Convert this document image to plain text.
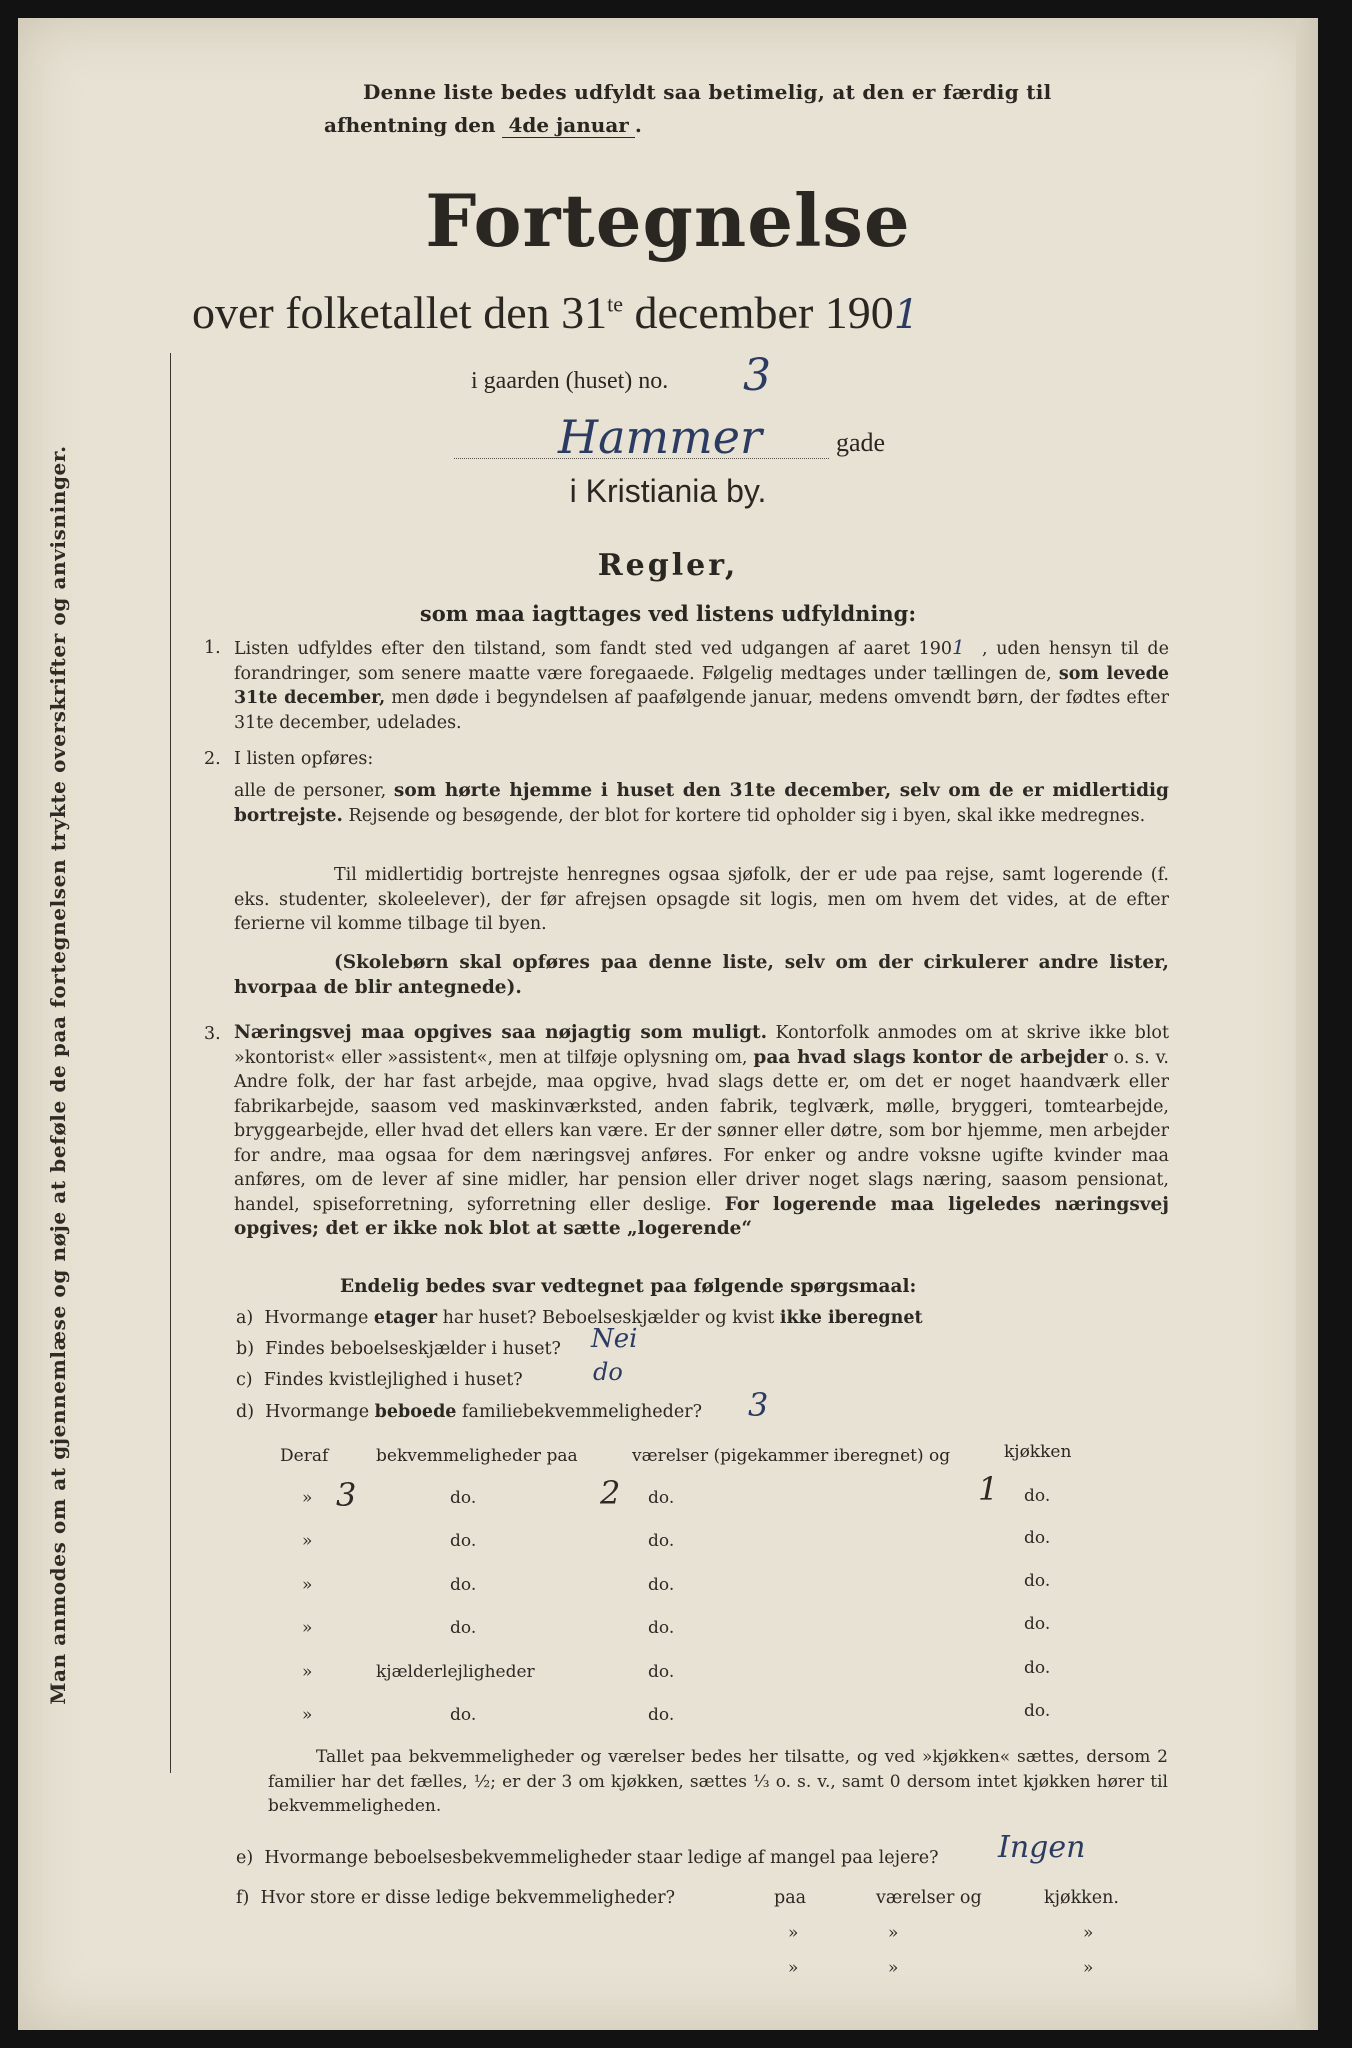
Denne liste bedes udfyldt saa betimelig, at den er færdig til
afhentning den 4de januar .
Fortegnelse
over folketallet den $31^{te}$ december 1901
i gaarden (huset) no. 3
Hammer	gade
i Kristiania by.
Man anmodes om at gjennemlæse og nøje at beføle de paa fortegnelsen trykte overskrifter og anvisninger.	Regler,
som maa iagttages ved listens udfyldning:
1. Listen udfyldes efter den tilstand, som fandt sted ved udgangen af aaret 1901 , uden hensyn til de forandringer, som senere maatte være foregaaede. Følgelig medtages under tællingen de, som levede 31te december, men døde i begyndelsen af paafølgende januar, medens omvendt børn, der fødtes efter 31te december, udelades.

2. I listen opføres:

alle de personer, som hørte hjemme i huset den 31te december, selv om de er midlertidig bortrejste. Rejsende og besøgende, der blot for kortere tid opholder sig i byen, skal ikke medregnes.

Til midlertidig bortrejste henregnes ogsaa sjøfolk, der er ude paa rejse, samt logerende (f. eks. studenter, skoleelever), der før afrejsen opsagde sit logis, men om hvem det vides, at de efter ferierne vil komme tilbage til byen.

(Skolebørn skal opføres paa denne liste, selv om der cirkulerer andre lister, hvorpaa de blir antegnede).

3. Næringsvej maa opgives saa nøjagtig som muligt. Kontorfolk anmodes om at skrive ikke blot »kontorist« eller »assistent«, men at tilføje oplysning om, paa hvad slags kontor de arbejder o. s. v. Andre folk, der har fast arbejde, maa opgive, hvad slags dette er, om det er noget haandværk eller fabrikarbejde, saasom ved maskinværksted, anden fabrik, teglværk, mølle, bryggeri, tomtearbejde, bryggearbejde, eller hvad det ellers kan være. Er der sønner eller døtre, som bor hjemme, men arbejder for andre, maa ogsaa for dem næringsvej anføres. For enker og andre voksne ugifte kvinder maa anføres, om de lever af sine midler, har pension eller driver noget slags næring, saasom pensionat, handel, spiseforretning, syforretning eller deslige. For logerende maa ligeledes næringsvej opgives; det er ikke nok blot at sætte „logerende“

Endelig bedes svar vedtegnet paa følgende spørgsmaal:
a) Hvormange etager har huset? Beboelseskjælder og kvist ikke iberegnet
b) Findes beboelseskjælder i huset? Nei
c) Findes kvistlejlighed i huset?	do
d) Hvormange beboede familiebekvemmeligheder? 3
Deraf	bekvemmeligheder paa	værelser (pigekammer iberegnet) og	kjøkken
» 3	do.	2 do.	1 do.
»	do.	do.	do.
»	do.	do.	do.
»	do.	do.	do.
»	kjælderlejligheder	do.	do.
»	do.	do.	do.

Tallet paa bekvemmeligheder og værelser bedes her tilsatte, og ved »kjøkken« sættes, dersom 2 familier har det fælles, ½; er der 3 om kjøkken, sættes ⅓ o. s. v., samt 0 dersom intet kjøkken hører til bekvemmeligheden.

e) Hvormange beboelsesbekvemmeligheder staar ledige af mangel paa lejere? Ingen
f) Hvor store er disse ledige bekvemmeligheder?	paa	værelser og	kjøkken.
»	»	»
»	»	»
